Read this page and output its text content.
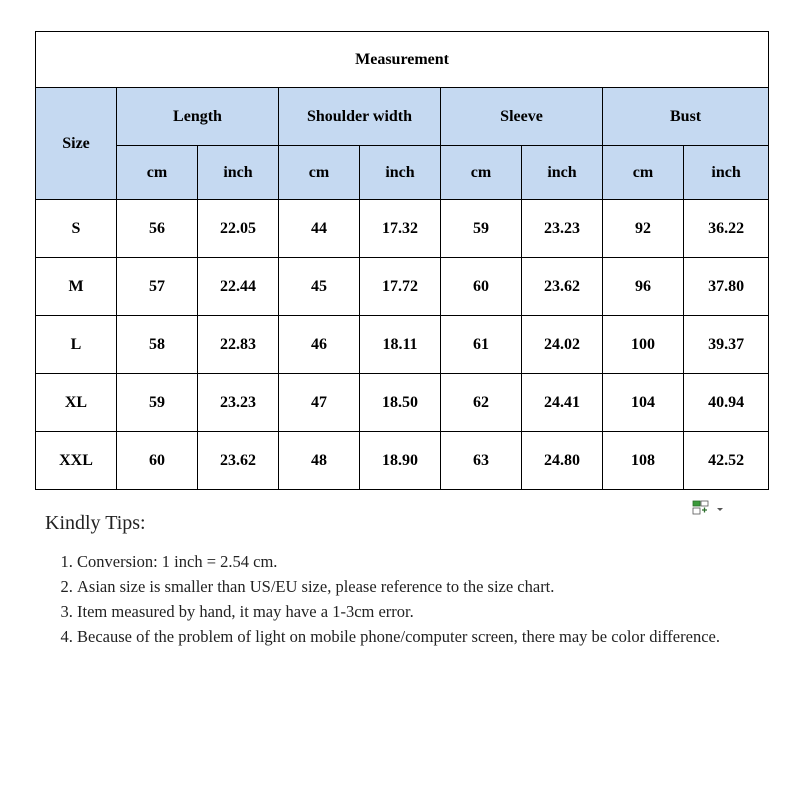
Measurement								
Size	Length		Shoulder width		Sleeve		Bust	
	cm	inch	cm	inch	cm	inch	cm	inch
S	56	22.05	44	17.32	59	23.23	92	36.22
M	57	22.44	45	17.72	60	23.62	96	37.80
L	58	22.83	46	18.11	61	24.02	100	39.37
XL	59	23.23	47	18.50	62	24.41	104	40.94
XXL	60	23.62	48	18.90	63	24.80	108	42.52
Kindly Tips:
1. Conversion: 1 inch = 2.54 cm.
2. Asian size is smaller than US/EU size, please reference to the size chart.
3. Item measured by hand, it may have a 1-3cm error.
4. Because of the problem of light on mobile phone/computer screen, there may be color difference.
